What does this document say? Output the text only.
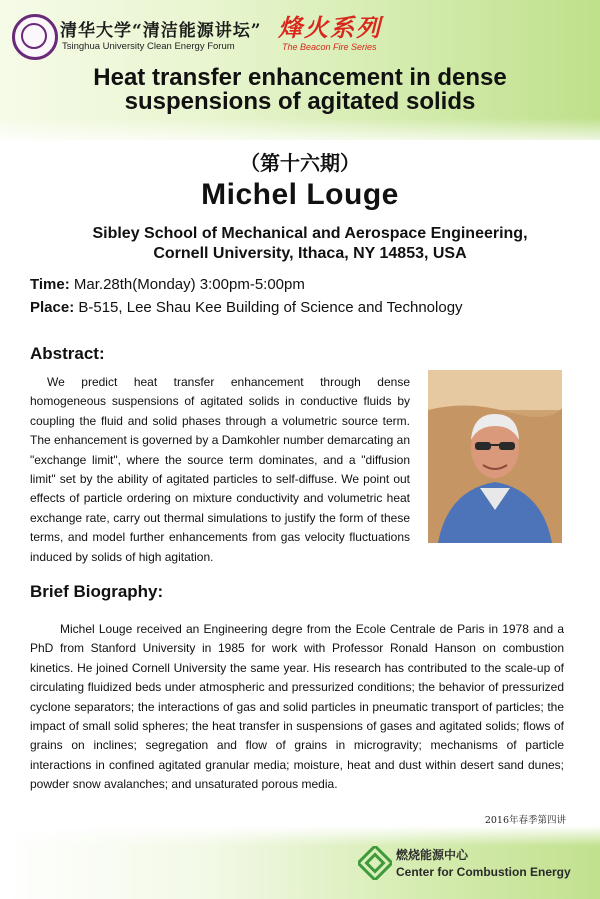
清华大学“清洁能源讲坛”
Tsinghua University Clean Energy Forum
烽火系列
The Beacon Fire Series
Heat transfer enhancement in dense
suspensions of agitated solids
（第十六期）
Michel Louge
Sibley School of Mechanical and Aerospace Engineering,
Cornell University, Ithaca, NY 14853, USA
Time: Mar.28th(Monday) 3:00pm-5:00pm
Place: B-515, Lee Shau Kee Building of Science and Technology
Abstract:
We predict heat transfer enhancement through dense homogeneous suspensions of agitated solids in conductive fluids by coupling the fluid and solid phases through a volumetric source term. The enhancement is governed by a Damkohler number demarcating an "exchange limit", where the source term dominates, and a "diffusion limit" set by the ability of agitated particles to self-diffuse. We point out effects of particle ordering on mixture conductivity and volumetric heat exchange rate, carry out thermal simulations to justify the form of these terms, and model further enhancements from gas velocity fluctuations induced by solids of high agitation.
Brief Biography:
Michel Louge received an Engineering degre from the Ecole Centrale de Paris in 1978 and a PhD from Stanford University in 1985 for work with Professor Ronald Hanson on combustion kinetics. He joined Cornell University the same year. His research has contributed to the scale-up of circulating fluidized beds under atmospheric and pressurized conditions; the behavior of pressurized cyclone separators; the interactions of gas and solid particles in pneumatic transport of particles; the impact of small solid spheres; the heat transfer in suspensions of gases and agitated solids; flows of grains on inclines; segregation and flow of grains in microgravity; mechanisms of particle interactions in confined agitated granular media; moisture, heat and dust within desert sand dunes; powder snow avalanches; and unsaturated porous media.
2016年春季第四讲
燃烧能源中心
Center for Combustion Energy
